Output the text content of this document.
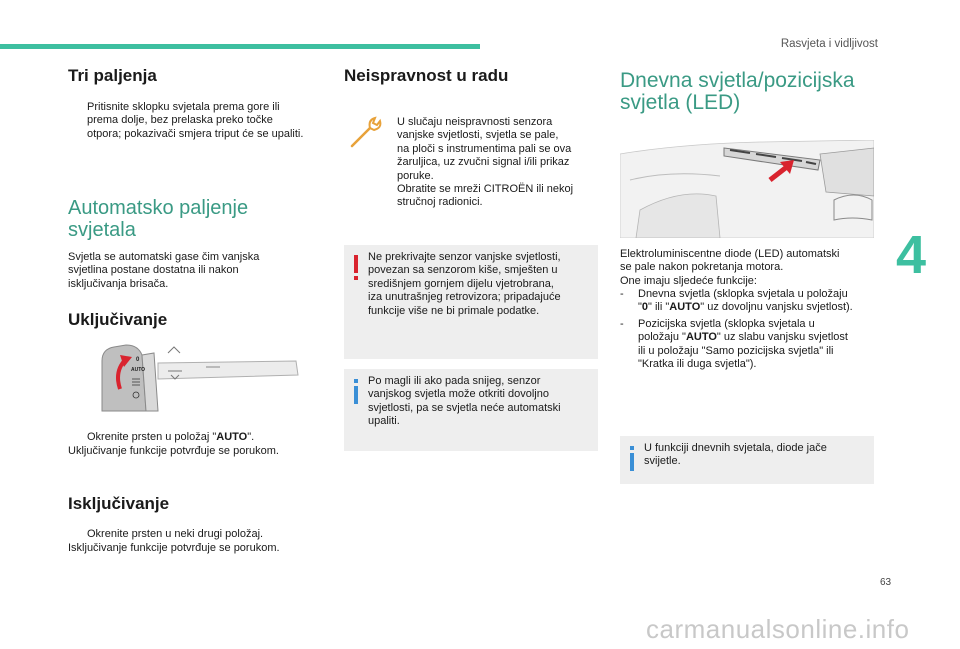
Rasvjeta i vidljivost
4
63
carmanualsonline.info
Tri paljenja
Pritisnite sklopku svjetala prema gore ili prema dolje, bez prelaska preko točke otpora; pokazivači smjera triput će se upaliti.
Automatsko paljenje
svjetala
Svjetla se automatski gase čim vanjska
svjetlina postane dostatna ili nakon
isključivanja brisača.
Uključivanje
0
AUTO
Okrenite prsten u položaj "AUTO".
Uključivanje funkcije potvrđuje se porukom.
Isključivanje
Okrenite prsten u neki drugi položaj.
Isključivanje funkcije potvrđuje se porukom.
Neispravnost u radu
U slučaju neispravnosti senzora
vanjske svjetlosti, svjetla se pale,
na ploči s instrumentima pali se ova
žaruljica, uz zvučni signal i/ili prikaz
poruke.
Obratite se mreži CITROËN ili nekoj
stručnoj radionici.
Ne prekrivajte senzor vanjske svjetlosti,
povezan sa senzorom kiše, smješten u
središnjem gornjem dijelu vjetrobrana,
iza unutrašnjeg retrovizora; pripadajuće
funkcije više ne bi primale podatke.
Po magli ili ako pada snijeg, senzor
vanjskog svjetla može otkriti dovoljno
svjetlosti, pa se svjetla neće automatski
upaliti.
Dnevna svjetla/pozicijska
svjetla (LED)
Elektroluminiscentne diode (LED) automatski
se pale nakon pokretanja motora.
One imaju sljedeće funkcije:
-	Dnevna svjetla (sklopka svjetala u položaju
"0" ili "AUTO" uz dovoljnu vanjsku svjetlost).
-	Pozicijska svjetla (sklopka svjetala u
položaju "AUTO" uz slabu vanjsku svjetlost
ili u položaju "Samo pozicijska svjetla" ili
"Kratka ili duga svjetla").
U funkciji dnevnih svjetala, diode jače
svijetle.
